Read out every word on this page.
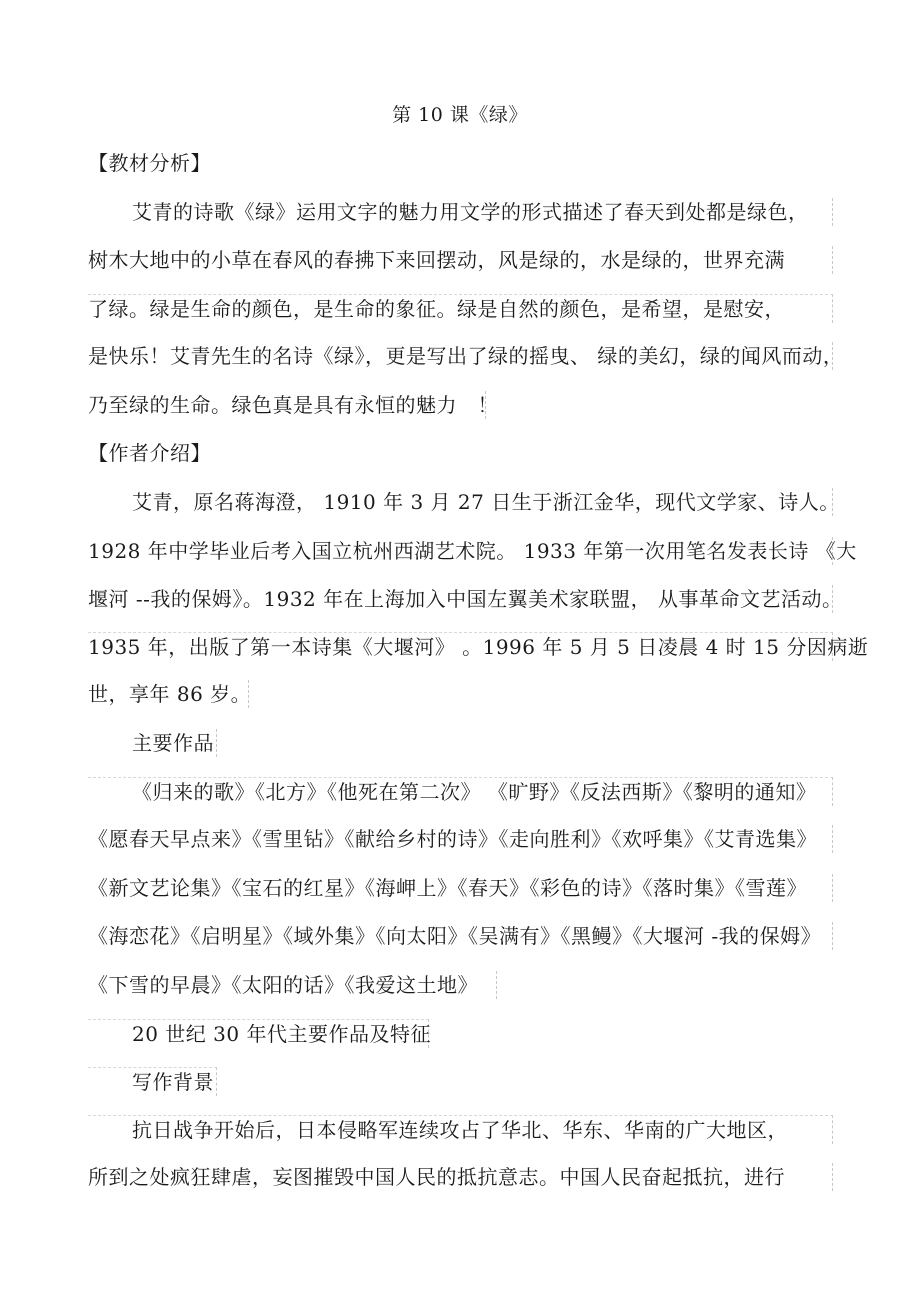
第 10 课《绿》
【教材分析】
艾青的诗歌《绿》运用文字的魅力用文学的形式描述了春天到处都是绿色，
树木大地中的小草在春风的春拂下来回摆动，风是绿的，水是绿的，世界充满
了绿。绿是生命的颜色，是生命的象征。绿是自然的颜色，是希望，是慰安，
是快乐！艾青先生的名诗《绿》，更是写出了绿的摇曳、 绿的美幻，绿的闻风而动，
乃至绿的生命。绿色真是具有永恒的魅力　！
【作者介绍】
艾青，原名蒋海澄， 1910 年 3 月 27 日生于浙江金华，现代文学家、诗人。
1928 年中学毕业后考入国立杭州西湖艺术院。 1933 年第一次用笔名发表长诗 《大
堰河 --我的保姆》。1932 年在上海加入中国左翼美术家联盟， 从事革命文艺活动。
1935 年，出版了第一本诗集《大堰河》 。1996 年 5 月 5 日凌晨 4 时 15 分因病逝
世，享年 86 岁。
主要作品
《归来的歌》《北方》《他死在第二次》 《旷野》《反法西斯》《黎明的通知》
《愿春天早点来》《雪里钻》《献给乡村的诗》《走向胜利》《欢呼集》《艾青选集》
《新文艺论集》《宝石的红星》《海岬上》《春天》《彩色的诗》《落时集》《雪莲》
《海恋花》《启明星》《域外集》《向太阳》《吴满有》《黑鳗》《大堰河 -我的保姆》
《下雪的早晨》《太阳的话》《我爱这土地》
20 世纪 30 年代主要作品及特征
写作背景
抗日战争开始后，日本侵略军连续攻占了华北、华东、华南的广大地区，
所到之处疯狂肆虐，妄图摧毁中国人民的抵抗意志。中国人民奋起抵抗，进行
